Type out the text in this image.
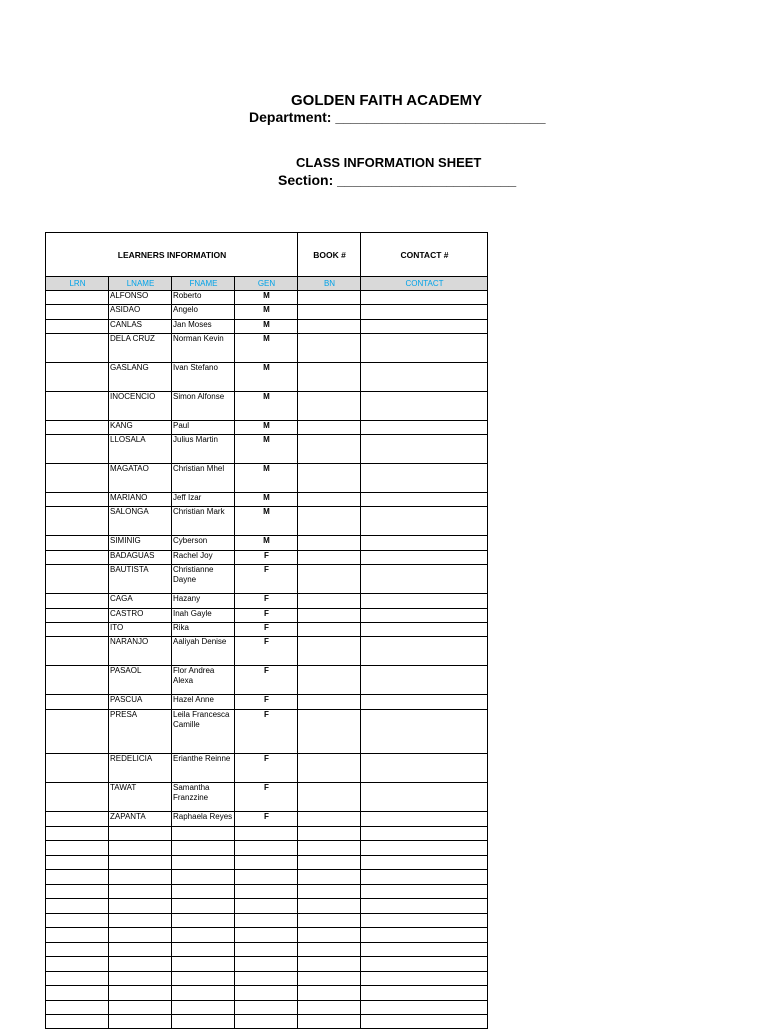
GOLDEN FAITH ACADEMY
Department: ___________________________
CLASS INFORMATION SHEET
Section: _______________________
LEARNERS INFORMATION				BOOK #	CONTACT #
LRN	LNAME	FNAME	GEN	BN	CONTACT
	ALFONSO	Roberto	M		
	ASIDAO	Angelo	M		
	CANLAS	Jan Moses	M		
	DELA CRUZ	Norman Kevin	M		
	GASLANG	Ivan Stefano	M		
	INOCENCIO	Simon Alfonse	M		
	KANG	Paul	M		
	LLOSALA	Julius Martin	M		
	MAGATAO	Christian Mhel	M		
	MARIANO	Jeff Izar	M		
	SALONGA	Christian Mark	M		
	SIMINIG	Cyberson	M		
	BADAGUAS	Rachel Joy	F		
	BAUTISTA	Christianne Dayne	F		
	CAGA	Hazany	F		
	CASTRO	Inah Gayle	F		
	ITO	Rika	F		
	NARANJO	Aaliyah Denise	F		
	PASAOL	Flor Andrea Alexa	F		
	PASCUA	Hazel Anne	F		
	PRESA	Leila Francesca Camille	F		
	REDELICIA	Erianthe Reinne	F		
	TAWAT	Samantha Franzzine	F		
	ZAPANTA	Raphaela Reyes	F		
